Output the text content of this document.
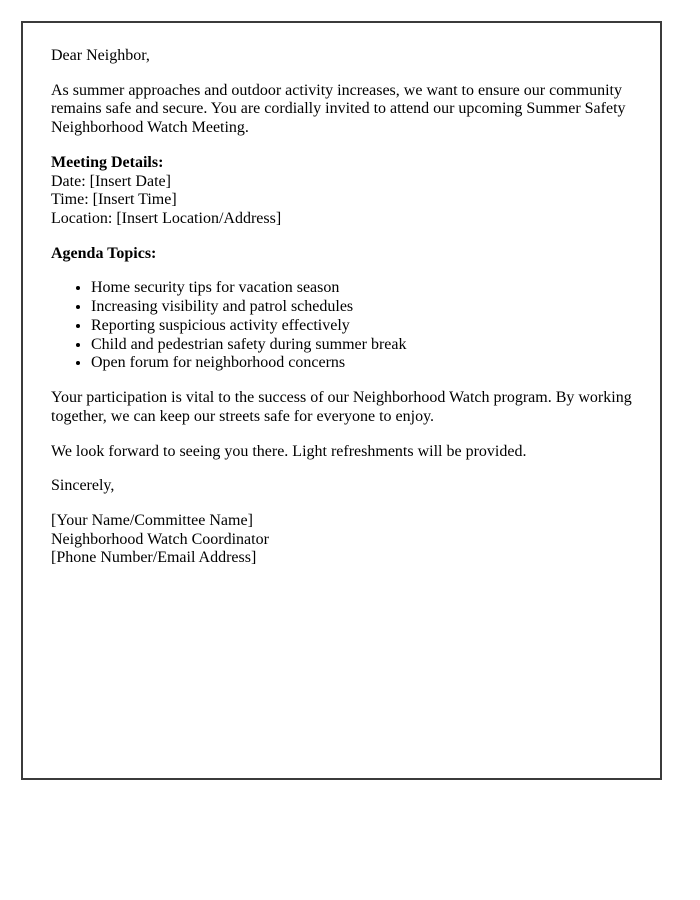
Dear Neighbor,

As summer approaches and outdoor activity increases, we want to ensure our community remains safe and secure. You are cordially invited to attend our upcoming Summer Safety Neighborhood Watch Meeting.

Meeting Details:
Date: [Insert Date]
Time: [Insert Time]
Location: [Insert Location/Address]

Agenda Topics:

• Home security tips for vacation season
• Increasing visibility and patrol schedules
• Reporting suspicious activity effectively
• Child and pedestrian safety during summer break
• Open forum for neighborhood concerns

Your participation is vital to the success of our Neighborhood Watch program. By working together, we can keep our streets safe for everyone to enjoy.

We look forward to seeing you there. Light refreshments will be provided.

Sincerely,

[Your Name/Committee Name]
Neighborhood Watch Coordinator
[Phone Number/Email Address]
